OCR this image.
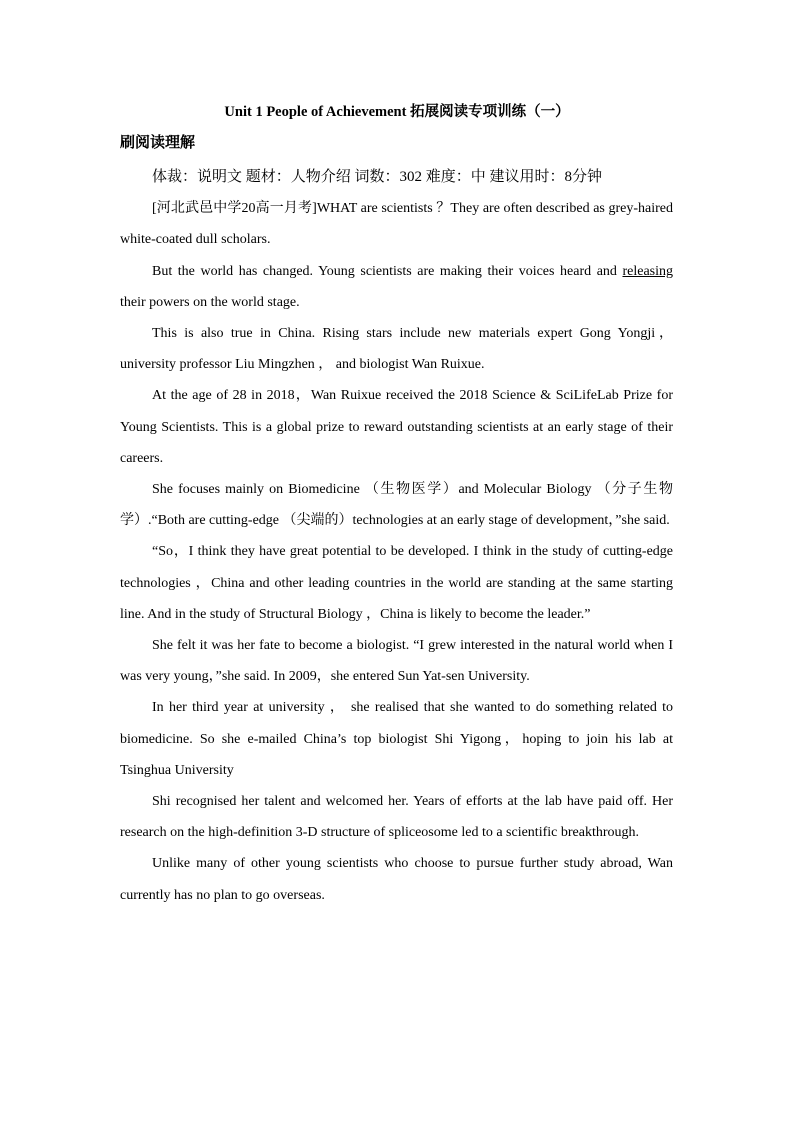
Unit 1 People of Achievement 拓展阅读专项训练（一）
刷阅读理解

体裁：说明文 题材：人物介绍 词数：302 难度：中 建议用时：8分钟

[河北武邑中学20高一月考]WHAT are scientists ？They are often described as grey-haired white-coated dull scholars.

But the world has changed. Young scientists are making their voices heard and releasing their powers on the world stage.

This is also true in China. Rising stars include new materials expert Gong Yongji，university professor Liu Mingzhen ， and biologist Wan Ruixue.

At the age of 28 in 2018，Wan Ruixue received the 2018 Science & SciLifeLab Prize for Young Scientists. This is a global prize to reward outstanding scientists at an early stage of their careers.

She focuses mainly on Biomedicine （生物医学）and Molecular Biology （分子生物学）.“Both are cutting-edge （尖端的）technologies at an early stage of development，”she said.

“So，I think they have great potential to be developed. I think in the study of cutting-edge technologies ，China and other leading countries in the world are standing at the same starting line. And in the study of Structural Biology ，China is likely to become the leader.”

She felt it was her fate to become a biologist. “I grew interested in the natural world when I was very young，”she said. In 2009，she entered Sun Yat-sen University.

In her third year at university ， she realised that she wanted to do something related to biomedicine. So she e-mailed China’s top biologist Shi Yigong，hoping to join his lab at Tsinghua University

Shi recognised her talent and welcomed her. Years of efforts at the lab have paid off. Her research on the high-definition 3-D structure of spliceosome led to a scientific breakthrough.

Unlike many of other young scientists who choose to pursue further study abroad, Wan currently has no plan to go overseas.
